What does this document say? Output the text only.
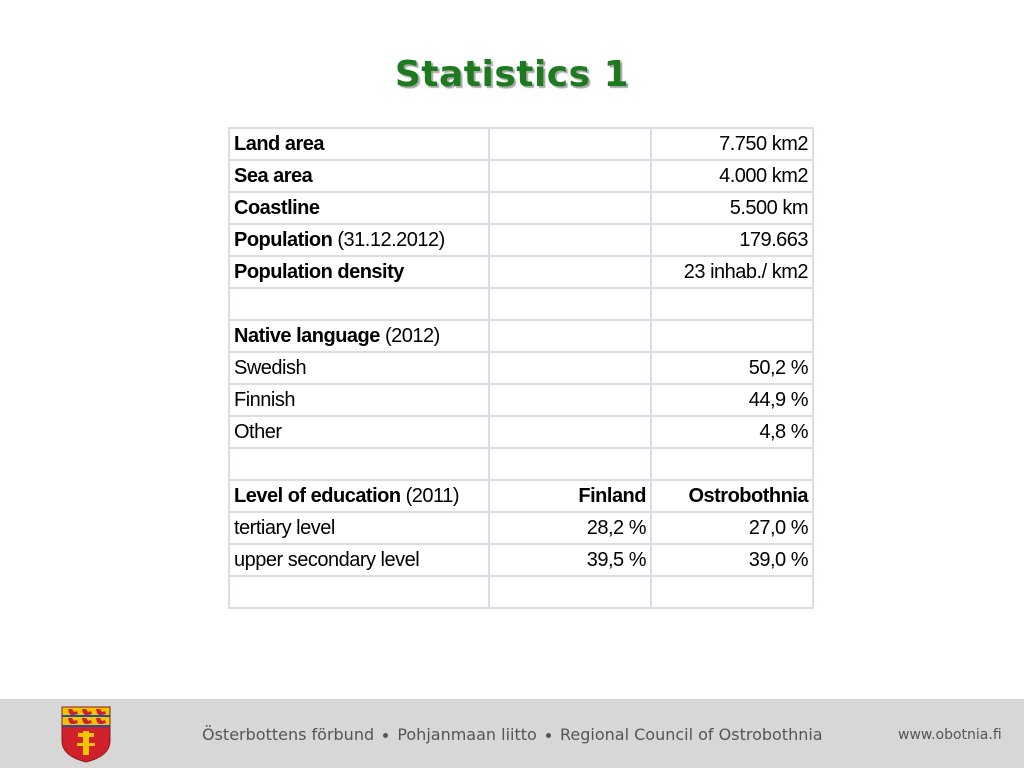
Statistics 1
Land area		7.750 km2
Sea area		4.000 km2
Coastline		5.500 km
Population (31.12.2012)		179.663
Population density		23 inhab./ km2

Native language (2012)		
Swedish		50,2 %
Finnish		44,9 %
Other		4,8 %

Level of education (2011)	Finland	Ostrobothnia
tertiary level	28,2 %	27,0 %
upper secondary level	39,5 %	39,0 %

Österbottens förbund Pohjanmaan liitto Regional Council of Ostrobothnia	www.obotnia.fi
